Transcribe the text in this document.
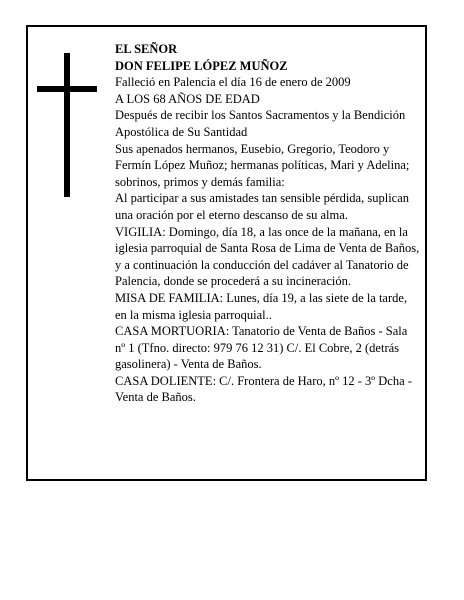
EL SEÑOR

DON FELIPE LÓPEZ MUÑOZ

Falleció en Palencia el día 16 de enero de 2009

A LOS 68 AÑOS DE EDAD

Después de recibir los Santos Sacramentos y la Bendición Apostólica de Su Santidad

Sus apenados hermanos, Eusebio, Gregorio, Teodoro y Fermín López Muñoz; hermanas políticas, Mari y Adelina; sobrinos, primos y demás familia:

Al participar a sus amistades tan sensible pérdida, suplican una oración por el eterno descanso de su alma.

VIGILIA: Domingo, día 18, a las once de la mañana, en la iglesia parroquial de Santa Rosa de Lima de Venta de Baños, y a continuación la conducción del cadáver al Tanatorio de Palencia, donde se procederá a su incineración.

MISA DE FAMILIA: Lunes, día 19, a las siete de la tarde, en la misma iglesia parroquial..

CASA MORTUORIA: Tanatorio de Venta de Baños - Sala nº 1 (Tfno. directo: 979 76 12 31) C/. El Cobre, 2 (detrás gasolinera) - Venta de Baños.

CASA DOLIENTE: C/. Frontera de Haro, nº 12 - 3º Dcha - Venta de Baños.
